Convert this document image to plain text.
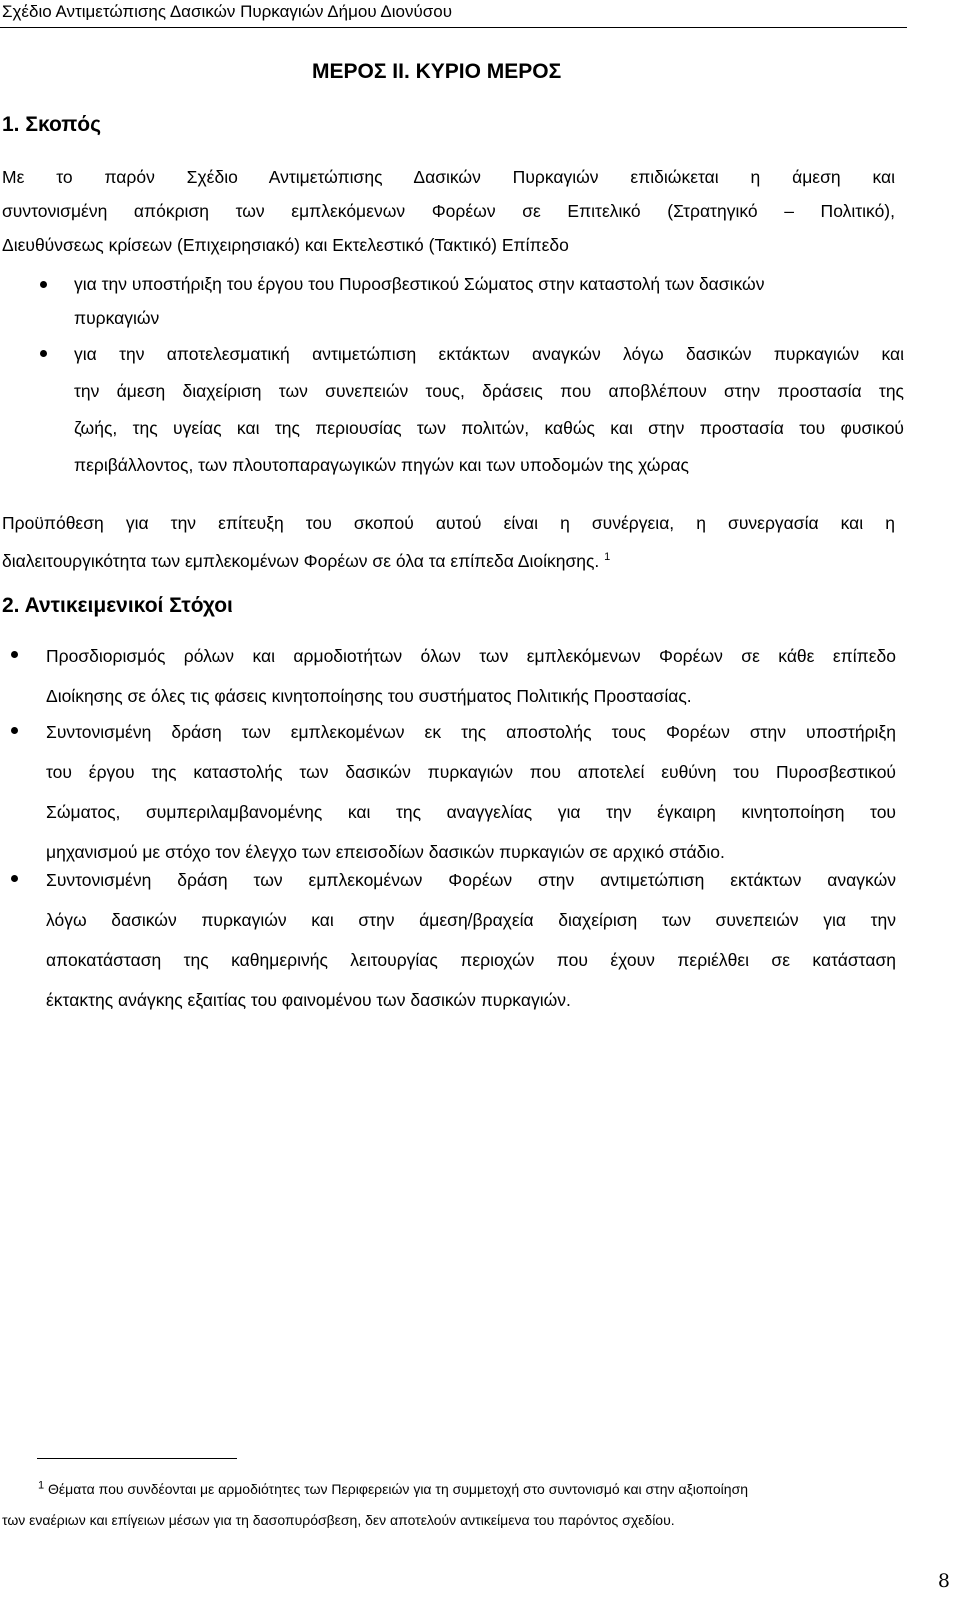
Σχέδιο Αντιμετώπισης Δασικών Πυρκαγιών Δήμου Διονύσου
ΜΕΡΟΣ ΙΙ. ΚΥΡΙΟ ΜΕΡΟΣ
1. Σκοπός
Με το παρόν Σχέδιο Αντιμετώπισης Δασικών Πυρκαγιών επιδιώκεται η άμεση και
συντονισμένη απόκριση των εμπλεκόμενων Φορέων σε Επιτελικό (Στρατηγικό – Πολιτικό),
Διευθύνσεως κρίσεων (Επιχειρησιακό) και Εκτελεστικό (Τακτικό) Επίπεδο
για την υποστήριξη του έργου του Πυροσβεστικού Σώματος στην καταστολή των δασικών
πυρκαγιών
για την αποτελεσματική αντιμετώπιση εκτάκτων αναγκών λόγω δασικών πυρκαγιών και
την άμεση διαχείριση των συνεπειών τους, δράσεις που αποβλέπουν στην προστασία της
ζωής, της υγείας και της περιουσίας των πολιτών, καθώς και στην προστασία του φυσικού
περιβάλλοντος, των πλουτοπαραγωγικών πηγών και των υποδομών της χώρας
Προϋπόθεση για την επίτευξη του σκοπού αυτού είναι η συνέργεια, η συνεργασία και η
διαλειτουργικότητα των εμπλεκομένων Φορέων σε όλα τα επίπεδα Διοίκησης. $^1$
2. Αντικειμενικοί Στόχοι
Προσδιορισμός ρόλων και αρμοδιοτήτων όλων των εμπλεκόμενων Φορέων σε κάθε επίπεδο
Διοίκησης σε όλες τις φάσεις κινητοποίησης του συστήματος Πολιτικής Προστασίας.
Συντονισμένη δράση των εμπλεκομένων εκ της αποστολής τους Φορέων στην υποστήριξη
του έργου της καταστολής των δασικών πυρκαγιών που αποτελεί ευθύνη του Πυροσβεστικού
Σώματος, συμπεριλαμβανομένης και της αναγγελίας για την έγκαιρη κινητοποίηση του
μηχανισμού με στόχο τον έλεγχο των επεισοδίων δασικών πυρκαγιών σε αρχικό στάδιο.
Συντονισμένη δράση των εμπλεκομένων Φορέων στην αντιμετώπιση εκτάκτων αναγκών
λόγω δασικών πυρκαγιών και στην άμεση/βραχεία διαχείριση των συνεπειών για την
αποκατάσταση της καθημερινής λειτουργίας περιοχών που έχουν περιέλθει σε κατάσταση
έκτακτης ανάγκης εξαιτίας του φαινομένου των δασικών πυρκαγιών.
$^1$ Θέματα που συνδέονται με αρμοδιότητες των Περιφερειών για τη συμμετοχή στο συντονισμό και στην αξιοποίηση
των εναέριων και επίγειων μέσων για τη δασοπυρόσβεση, δεν αποτελούν αντικείμενα του παρόντος σχεδίου.
8
